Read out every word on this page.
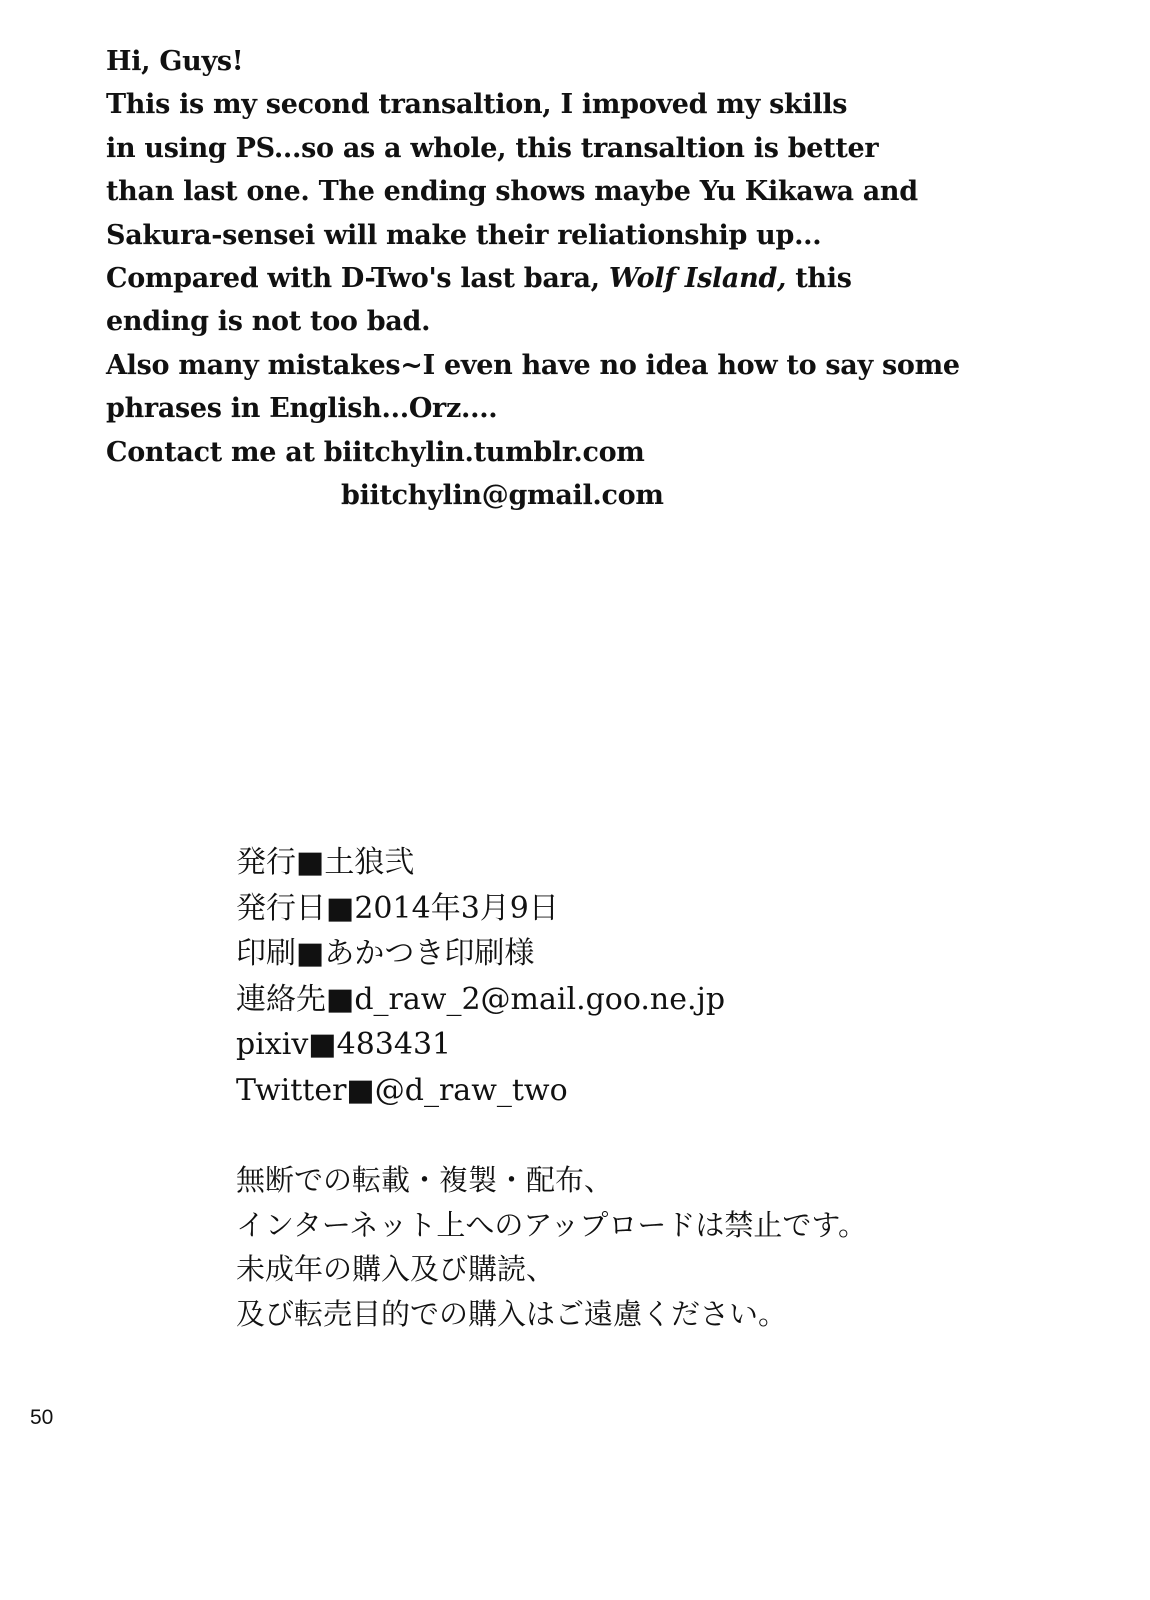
Hi, Guys!
This is my second transaltion, I impoved my skills
in using PS...so as a whole, this transaltion is better
than last one. The ending shows maybe Yu Kikawa and
Sakura-sensei will make their reliationship up...
Compared with D-Two's last bara, Wolf Island, this
ending is not too bad.
Also many mistakes~I even have no idea how to say some
phrases in English...Orz....
Contact me at biitchylin.tumblr.com
biitchylin@gmail.com
発行■土狼弐
発行日■2014年3月9日
印刷■あかつき印刷様
連絡先■d_raw_2@mail.goo.ne.jp
pixiv■483431
Twitter■@d_raw_two
無断での転載・複製・配布、
インターネット上へのアップロードは禁止です。
未成年の購入及び購読、
及び転売目的での購入はご遠慮ください。
50
